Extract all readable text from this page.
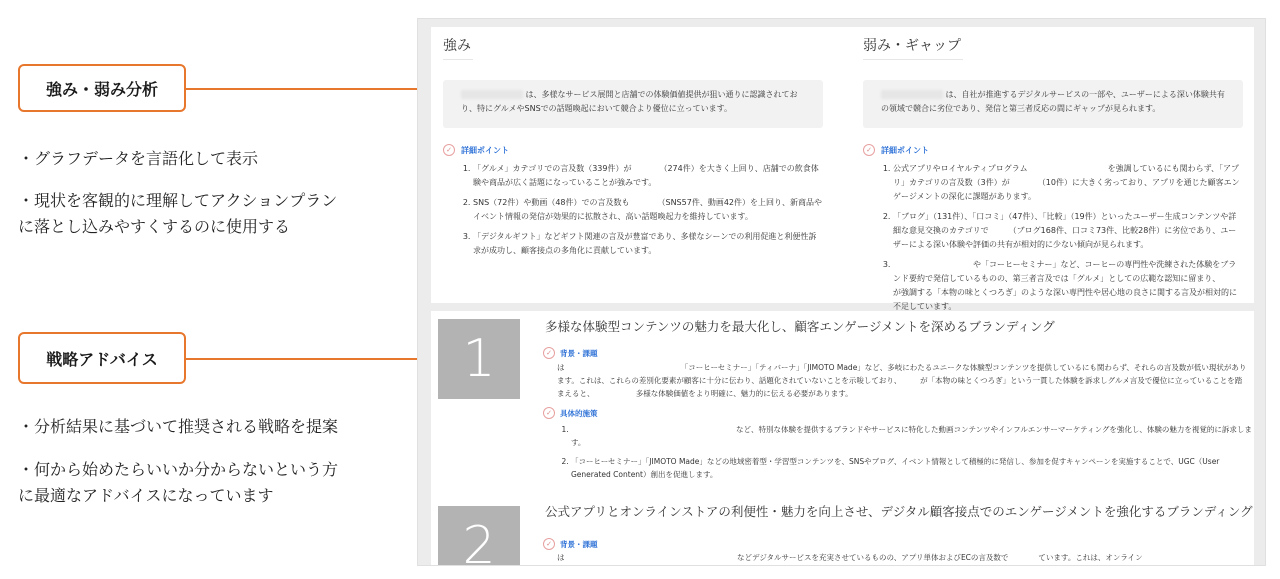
強み・弱み分析
・グラフデータを言語化して表示
・現状を客観的に理解してアクションプラン
に落とし込みやすくするのに使用する
戦略アドバイス
・分析結果に基づいて推奨される戦略を提案
・何から始めたらいいか分からないという方
に最適なアドバイスになっています
強み
は、多様なサービス展開と店舗での体験価値提供が狙い通りに認識されてお
り、特にグルメやSNSでの話題喚起において競合より優位に立っています。
✓	詳細ポイント
1. 「グルメ」カテゴリでの言及数（339件）が　　　　（274件）を大きく上回り、店舗での飲食体験や商品が広く話題になっていることが強みです。
2. SNS（72件）や動画（48件）での言及数も　　　　（SNS57件、動画42件）を上回り、新商品やイベント情報の発信が効果的に拡散され、高い話題喚起力を維持しています。
3. 「デジタルギフト」などギフト関連の言及が豊富であり、多様なシーンでの利用促進と利便性訴求が成功し、顧客接点の多角化に貢献しています。
弱み・ギャップ
は、自社が推進するデジタルサービスの一部や、ユーザーによる深い体験共有
の領域で競合に劣位であり、発信と第三者反応の間にギャップが見られます。
✓	詳細ポイント
1. 公式アプリやロイヤルティプログラム　　　　　　　　　　を強調しているにも関わらず、「アプリ」カテゴリの言及数（3件）が　　　　（10件）に大きく劣っており、アプリを通じた顧客エンゲージメントの深化に課題があります。
2. 「ブログ」（131件）、「口コミ」（47件）、「比較」（19件）といったユーザー生成コンテンツや詳細な意見交換のカテゴリで　　　（ブログ168件、口コミ73件、比較28件）に劣位であり、ユーザーによる深い体験や評価の共有が相対的に少ない傾向が見られます。
3. 　　　　　　　　　　や「コーヒーセミナー」など、コーヒーの専門性や洗練された体験をブランド要約で発信しているものの、第三者言及では「グルメ」としての広範な認知に留まり、　　　が強調する「本物の味とくつろぎ」のような深い専門性や居心地の良さに関する言及が相対的に不足しています。
1
多様な体験型コンテンツの魅力を最大化し、顧客エンゲージメントを深めるブランディング
✓	背景・課題
は　　　　　　　　　　　　　　　　「コーヒーセミナー」「ティバーナ」「JIMOTO Made」など、多岐にわたるユニークな体験型コンテンツを提供しているにも関わらず、それらの言及数が低い現状があります。これは、これらの差別化要素が顧客に十分に伝わり、話題化されていないことを示唆しており、　　　が「本物の味とくつろぎ」という一貫した体験を訴求しグルメ言及で優位に立っていることを踏まえると、　　　　　　多様な体験価値をより明確に、魅力的に伝える必要があります。
✓	具体的施策
1. 　　　　　　　　　　　　　　　　　　　　　　など、特別な体験を提供するブランドやサービスに特化した動画コンテンツやインフルエンサーマーケティングを強化し、体験の魅力を視覚的に訴求します。
2. 「コーヒーセミナー」「JIMOTO Made」などの地域密着型・学習型コンテンツを、SNSやブログ、イベント情報として積極的に発信し、参加を促すキャンペーンを実施することで、UGC（User Generated Content）創出を促進します。
2
公式アプリとオンラインストアの利便性・魅力を向上させ、デジタル顧客接点でのエンゲージメントを強化するブランディング
✓	背景・課題
は　　　　　　　　　　　　　　　　　　　　　　　などデジタルサービスを充実させているものの、アプリ単体およびECの言及数で　　　　ています。これは、オンライン
